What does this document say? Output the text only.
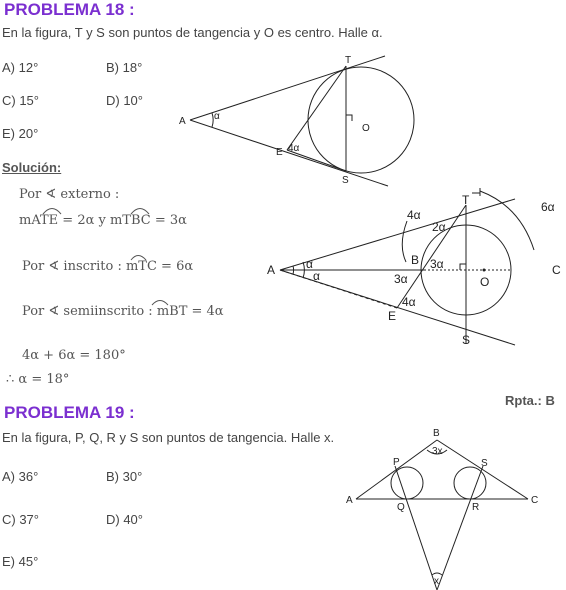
PROBLEMA 18 :
En la figura, T y S son puntos de tangencia y O es centro. Halle α.
A) 12°	B) 18°
C) 15°	D) 10°
E) 20°
T
A	α
O
E 4α
S
Solución:
Por ∢ externo :
mATE = 2α y mTBC = 3α
Por ∢ inscrito : mTC = 6α
Por ∢ semiinscrito : mBT = 4α
4α + 6α = 180°
∴ α = 18°
Rpta.: B
T
4α
6α
2α
α
α
A
B 3α
3α
C
O
4α
E
S
PROBLEMA 19 :
En la figura, P, Q, R y S son puntos de tangencia. Halle x.
A) 36°	B) 30°
C) 37°	D) 40°
E) 45°
B
3x
P	S
A
Q	R
C
x
